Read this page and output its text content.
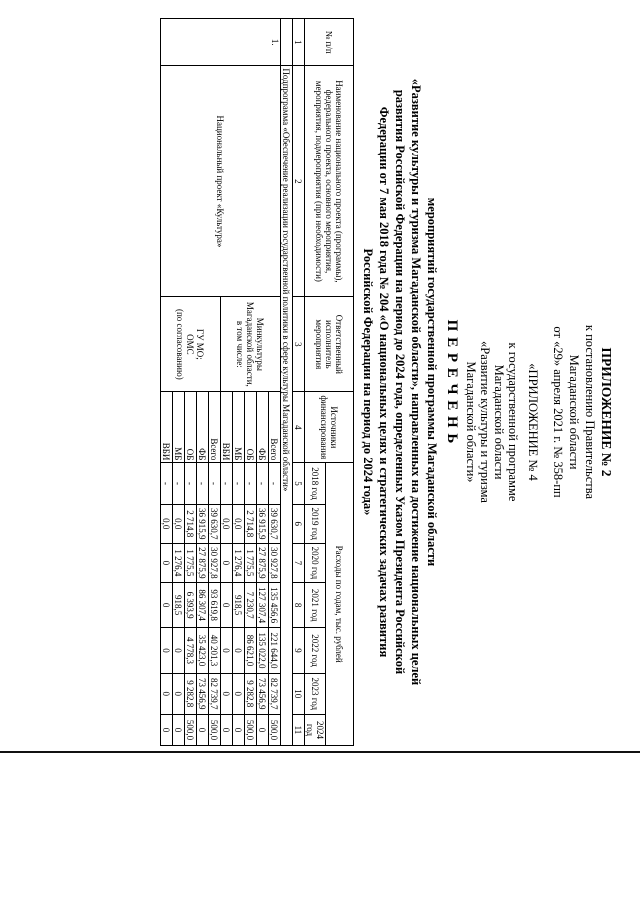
ПРИЛОЖЕНИЕ № 2
к постановлению Правительства
Магаданской области
от «29» апреля 2021 г. № 358-пп
«ПРИЛОЖЕНИЕ № 4
к государственной программе
Магаданской области
«Развитие культуры и туризма
Магаданской области»
П Е Р Е Ч Е Н Ь
мероприятий государственной программы Магаданской области
«Развитие культуры и туризма Магаданской области», направленных на достижение национальных целей
развития Российской Федерации на период до 2024 года, определенных Указом Президента Российской
Федерации от 7 мая 2018 года № 204 «О национальных целях и стратегических задачах развития
Российской Федерации на период до 2024 года»
№ п/п	Наименование национального проекта (программы), федерального проекта, основного мероприятия, мероприятия, подмероприятия (при необходимости)	Ответственный исполнитель мероприятия	Источники финансирования	Расходы по годам, тыс. рублей						
				2018 год	2019 год	2020 год	2021 год	2022 год	2023 год	2024 год
1	2	3	4	5	6	7	8	9	10	11
	Подпрограмма «Обеспечение реализации государственной политики в сфере культуры Магаданской области»									
1.	Национальный проект «Культура»	Минкультуры Магаданской области, в том числе:	Всего	-	39 630,7	30 927,8	135 456,6	221 644,0	82 739,7	500,0
			ФБ	-	36 915,9	27 875,9	127 307,4	135 022,0	73 456,9	0
			ОБ	-	2 714,8	1 775,5	7 230,7	86 621,0	9 282,8	500,0
			МБ	-	0,0	1 276,4	918,5	0	0	0
			ВБИ	-	0,0	0	0	0	0	0

		ГУ МО;
ОМС
(по согласованию)	Всего	-	39 630,7	30 927,8	93 619,8	40 201,3	82 739,7	500,0
			ФБ	-	36 915,9	27 875,9	86 307,4	35 423,0	73 456,9	0
			ОБ	-	2 714,8	1 775,5	6 393,9	4 778,3	9 282,8	500,0
			МБ	-	0,0	1 276,4	918,5	0	0	0
			ВБИ	-	0,0	0	0	0	0	0
